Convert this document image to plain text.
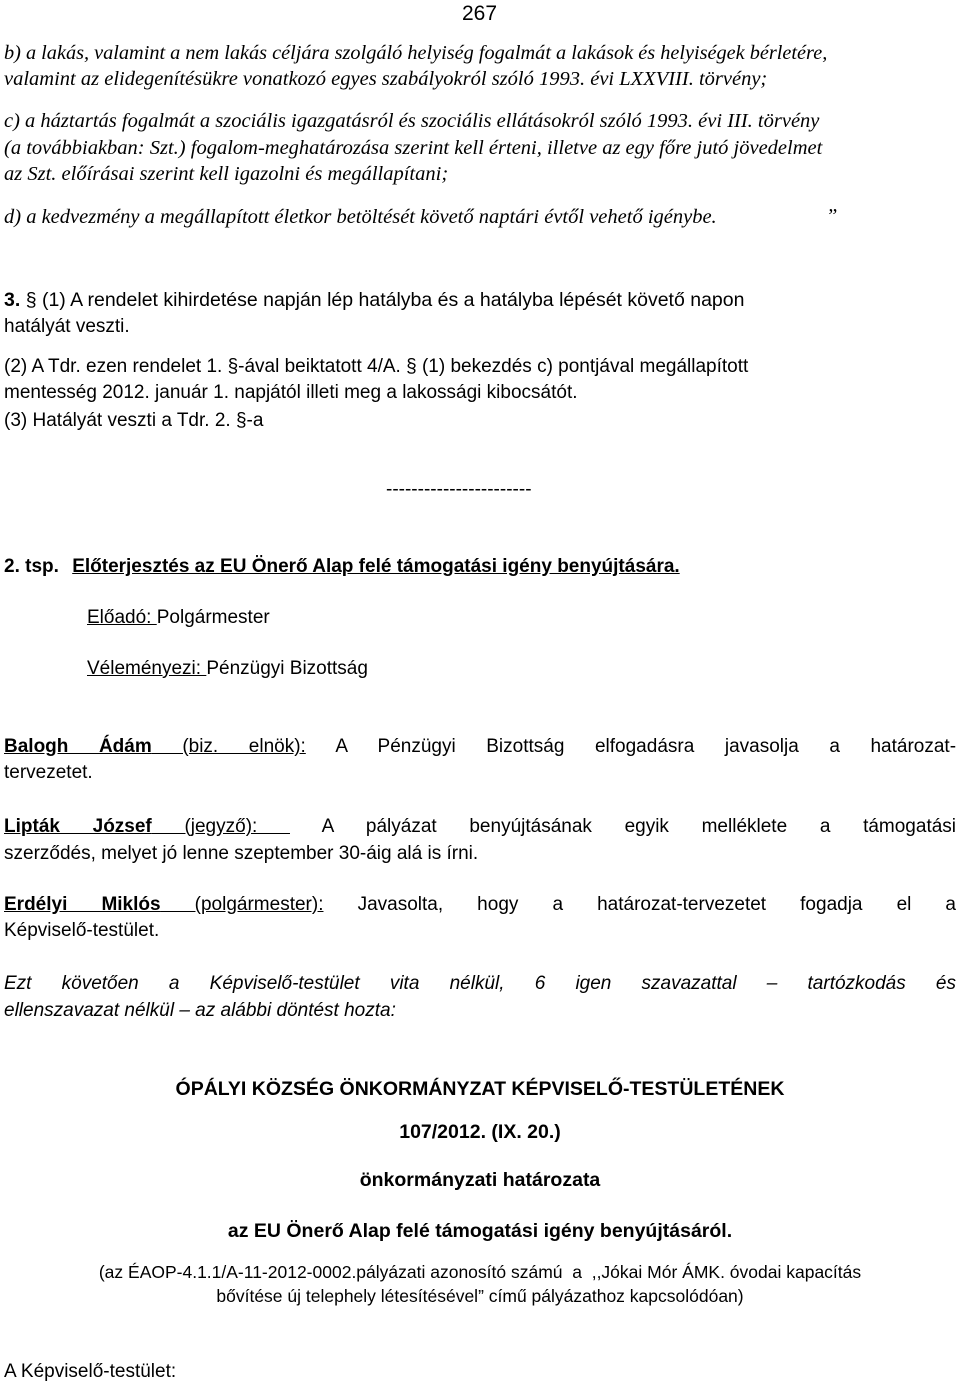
267
b) a lakás, valamint a nem lakás céljára szolgáló helyiség fogalmát a lakások és helyiségek bérletére,
valamint az elidegenítésükre vonatkozó egyes szabályokról szóló 1993. évi LXXVIII. törvény;
c) a háztartás fogalmát a szociális igazgatásról és szociális ellátásokról szóló 1993. évi III. törvény
(a továbbiakban: Szt.) fogalom-meghatározása szerint kell érteni, illetve az egy főre jutó jövedelmet
az Szt. előírásai szerint kell igazolni és megállapítani;
d) a kedvezmény a megállapított életkor betöltését követő naptári évtől vehető igénybe.	”
3. § (1) A rendelet kihirdetése napján lép hatályba és a hatályba lépését követő napon
hatályát veszti.
(2) A Tdr. ezen rendelet 1. §-ával beiktatott 4/A. § (1) bekezdés c) pontjával megállapított
mentesség 2012. január 1. napjától illeti meg a lakossági kibocsátót.
(3) Hatályát veszti a Tdr. 2. §-a
-----------------------
2. tsp. Előterjesztés az EU Önerő Alap felé támogatási igény benyújtására.
Előadó: Polgármester
Véleményezi: Pénzügyi Bizottság
Balogh Ádám (biz. elnök): A Pénzügyi Bizottság elfogadásra javasolja a határozat-
tervezetet.
Lipták József (jegyző):  A pályázat benyújtásának egyik melléklete a támogatási
szerződés, melyet jó lenne szeptember 30-áig alá is írni.
Erdélyi Miklós (polgármester): Javasolta, hogy a határozat-tervezetet fogadja el a
Képviselő-testület.
Ezt követően a Képviselő-testület vita nélkül, 6 igen szavazattal – tartózkodás és
ellenszavazat nélkül – az alábbi döntést hozta:
ÓPÁLYI KÖZSÉG ÖNKORMÁNYZAT KÉPVISELŐ-TESTÜLETÉNEK
107/2012. (IX. 20.)
önkormányzati határozata
az EU Önerő Alap felé támogatási igény benyújtásáról.
(az ÉAOP-4.1.1/A-11-2012-0002.pályázati azonosító számú  a  ,,Jókai Mór ÁMK. óvodai kapacítás
bővítése új telephely létesítésével” című pályázathoz kapcsolódóan)
A Képviselő-testület:
